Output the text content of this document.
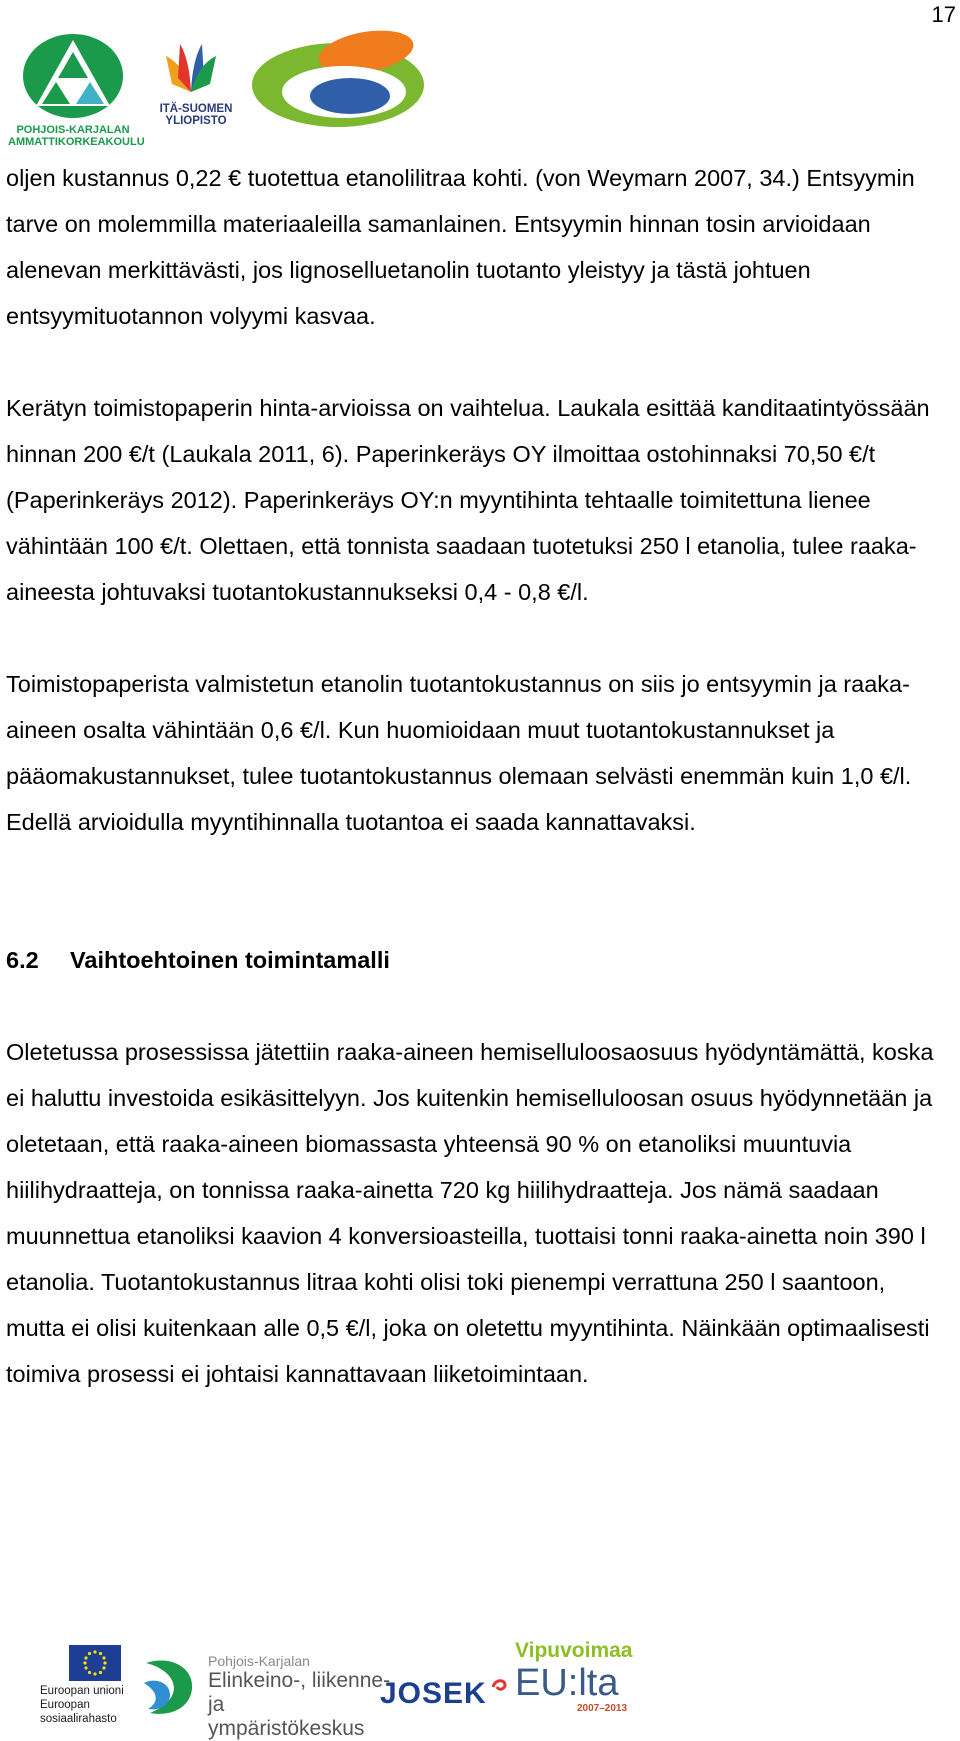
17
POHJOIS-KARJALAN
AMMATTIKORKEAKOULU
ITÄ-SUOMEN
YLIOPISTO

oljen kustannus 0,22 € tuotettua etanolilitraa kohti. (von Weymarn 2007, 34.) Entsyymin tarve on molemmilla materiaaleilla samanlainen. Entsyymin hinnan tosin arvioidaan alenevan merkittävästi, jos lignoselluetanolin tuotanto yleistyy ja tästä johtuen entsyymituotannon volyymi kasvaa.

Kerätyn toimistopaperin hinta-arvioissa on vaihtelua. Laukala esittää kanditaatintyössään hinnan 200 €/t (Laukala 2011, 6). Paperinkeräys OY ilmoittaa ostohinnaksi 70,50 €/t (Paperinkeräys 2012). Paperinkeräys OY:n myyntihinta tehtaalle toimitettuna lienee vähintään 100 €/t. Olettaen, että tonnista saadaan tuotetuksi 250 l etanolia, tulee raaka-aineesta johtuvaksi tuotantokustannukseksi 0,4 - 0,8 €/l.

Toimistopaperista valmistetun etanolin tuotantokustannus on siis jo entsyymin ja raaka-aineen osalta vähintään 0,6 €/l. Kun huomioidaan muut tuotantokustannukset ja pääomakustannukset, tulee tuotantokustannus olemaan selvästi enemmän kuin 1,0 €/l. Edellä arvioidulla myyntihinnalla tuotantoa ei saada kannattavaksi.

6.2 Vaihtoehtoinen toimintamalli

Oletetussa prosessissa jätettiin raaka-aineen hemiselluloosaosuus hyödyntämättä, koska ei haluttu investoida esikäsittelyyn. Jos kuitenkin hemiselluloosan osuus hyödynnetään ja oletetaan, että raaka-aineen biomassasta yhteensä 90 % on etanoliksi muuntuvia hiilihydraatteja, on tonnissa raaka-ainetta 720 kg hiilihydraatteja. Jos nämä saadaan muunnettua etanoliksi kaavion 4 konversioasteilla, tuottaisi tonni raaka-ainetta noin 390 l etanolia. Tuotantokustannus litraa kohti olisi toki pienempi verrattuna 250 l saantoon, mutta ei olisi kuitenkaan alle 0,5 €/l, joka on oletettu myyntihinta. Näinkään optimaalisesti toimiva prosessi ei johtaisi kannattavaan liiketoimintaan.

Euroopan unioni
Euroopan sosiaalirahasto
Pohjois-Karjalan
Elinkeino-, liikenne- ja
ympäristökeskus
JOSEK
Vipuvoimaa
EU:lta
2007–2013
